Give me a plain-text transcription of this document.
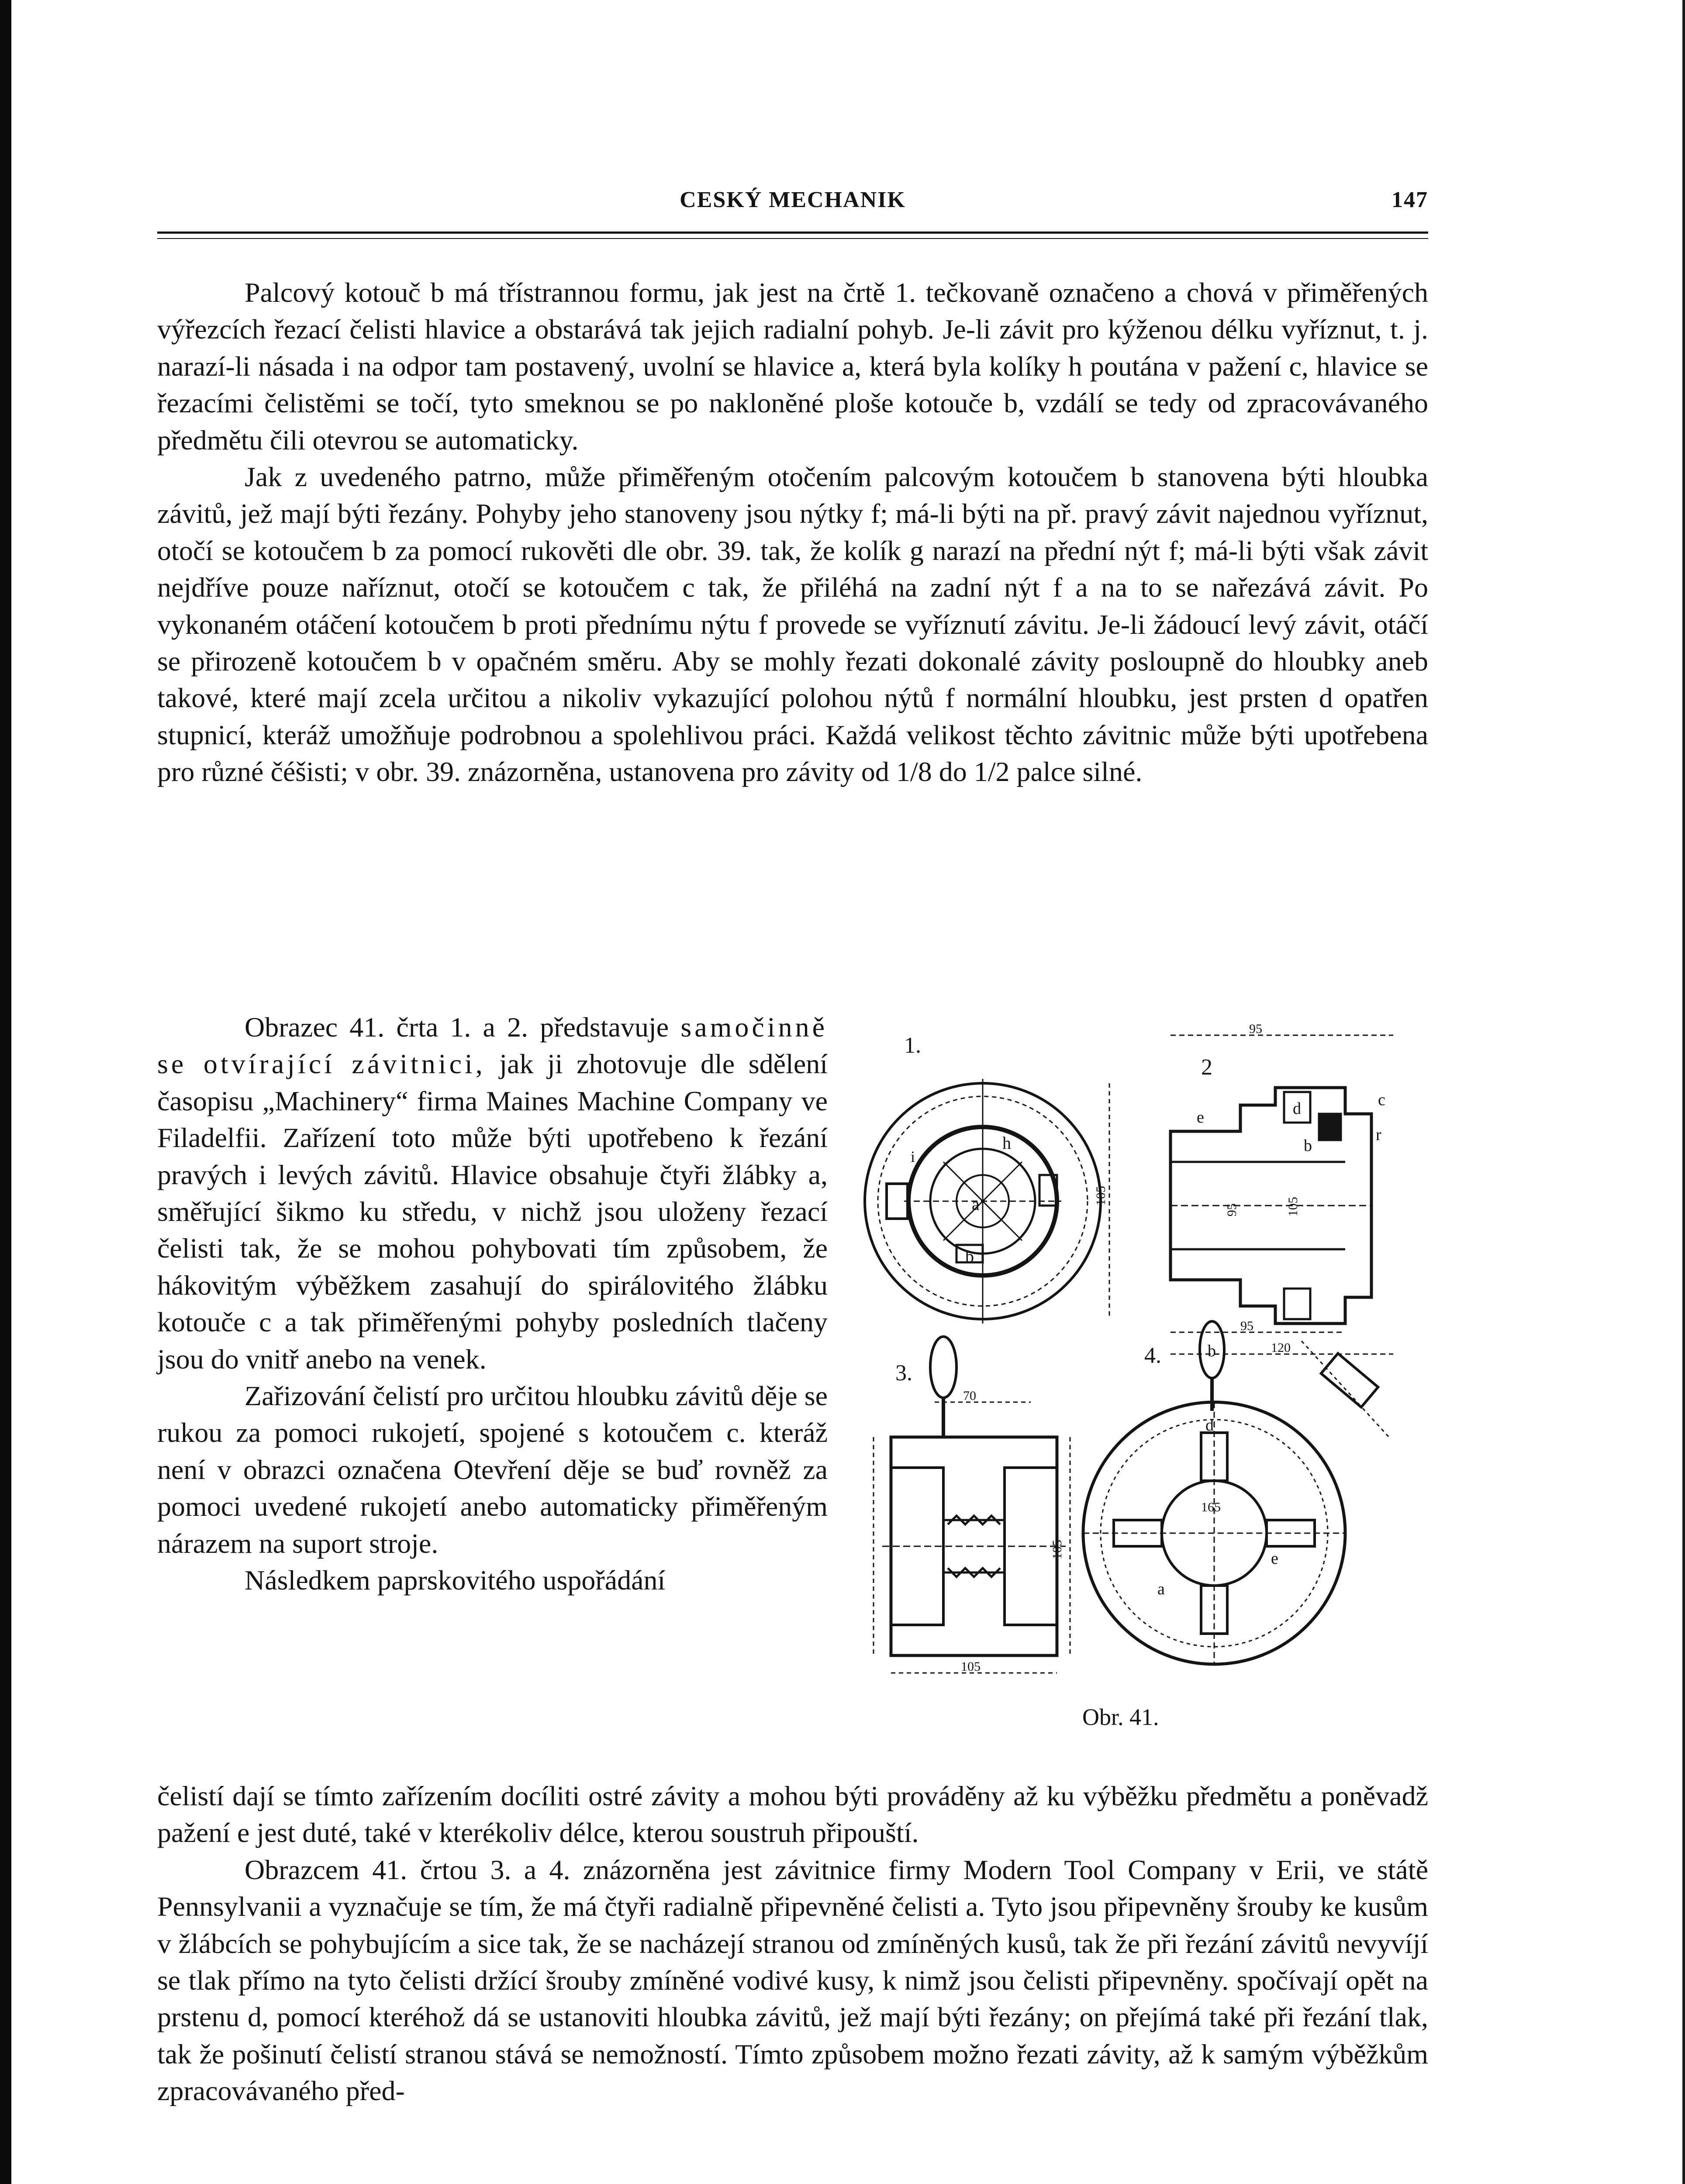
CESKÝ MECHANIK	147

Palcový kotouč b má třístrannou formu, jak jest na črtě 1. tečkovaně označeno a chová v přiměřených výřezcích řezací čelisti hlavice a obstarává tak jejich radialní pohyb. Je-li závit pro kýženou délku vyříznut, t. j. narazí-li násada i na odpor tam postavený, uvolní se hlavice a, která byla kolíky h poutána v pažení c, hlavice se řezacími čelistěmi se točí, tyto smeknou se po nakloněné ploše kotouče b, vzdálí se tedy od zpracovávaného předmětu čili otevrou se automaticky.

Jak z uvedeného patrno, může přiměřeným otočením palcovým kotoučem b stanovena býti hloubka závitů, jež mají býti řezány. Pohyby jeho stanoveny jsou nýtky f; má-li býti na př. pravý závit najednou vyříznut, otočí se kotoučem b za pomocí rukověti dle obr. 39. tak, že kolík g narazí na přední nýt f; má-li býti však závit nejdříve pouze naříznut, otočí se kotoučem c tak, že přiléhá na zadní nýt f a na to se nařezává závit. Po vykonaném otáčení kotoučem b proti přednímu nýtu f provede se vyříznutí závitu. Je-li žádoucí levý závit, otáčí se přirozeně kotoučem b v opačném směru. Aby se mohly řezati dokonalé závity posloupně do hloubky aneb takové, které mají zcela určitou a nikoliv vykazující polohou nýtů f normální hloubku, jest prsten d opatřen stupnicí, kteráž umožňuje podrobnou a spolehlivou práci. Každá velikost těchto závitnic může býti upotřebena pro různé čéšisti; v obr. 39. znázorněna, ustanovena pro závity od 1/8 do 1/2 palce silné.

Obrazec 41. črta 1. a 2. představuje samočinně se otvírající závitnici, jak ji zhotovuje dle sdělení časopisu „Machinery“ firma Maines Machine Company ve Filadelfii. Zařízení toto může býti upotřebeno k řezání pravých i levých závitů. Hlavice obsahuje čtyři žlábky a, směřující šikmo ku středu, v nichž jsou uloženy řezací čelisti tak, že se mohou pohybovati tím způsobem, že hákovitým výběžkem zasahují do spirálovitého žlábku kotouče c a tak přiměřenými pohyby posledních tlačeny jsou do vnitř anebo na venek.

Zařizování čelistí pro určitou hloubku závitů děje se rukou za pomoci rukojetí, spojené s kotoučem c. kteráž není v obrazci označena Otevření děje se buď rovněž za pomoci uvedené rukojetí anebo automaticky přiměřeným nárazem na suport stroje.

Následkem paprskovitého uspořádání

čelistí dají se tímto zařízením docíliti ostré závity a mohou býti prováděny až ku výběžku předmětu a poněvadž pažení e jest duté, také v kterékoliv délce, kterou soustruh připouští.

Obrazcem 41. črtou 3. a 4. znázorněna jest závitnice firmy Modern Tool Company v Erii, ve státě Pennsylvanii a vyznačuje se tím, že má čtyři radialně připevněné čelisti a. Tyto jsou připevněny šrouby ke kusům v žlábcích se pohybujícím a sice tak, že se nacházejí stranou od zmíněných kusů, tak že při řezání závitů nevyvíjí se tlak přímo na tyto čelisti držící šrouby zmíněné vodivé kusy, k nimž jsou čelisti připevněny. spočívají opět na prstenu d, pomocí kteréhož dá se ustanoviti hloubka závitů, jež mají býti řezány; on přejímá také při řezání tlak, tak že pošinutí čelistí stranou stává se nemožností. Tímto způsobem možno řezati závity, až k samým výběžkům zpracovávaného před-

1.
a
b
h
i
105
2
95
d	c
r
e
b
95	105
95
120
3.
70
105
105
4.	b
d
165
a
e
Obr. 41.
